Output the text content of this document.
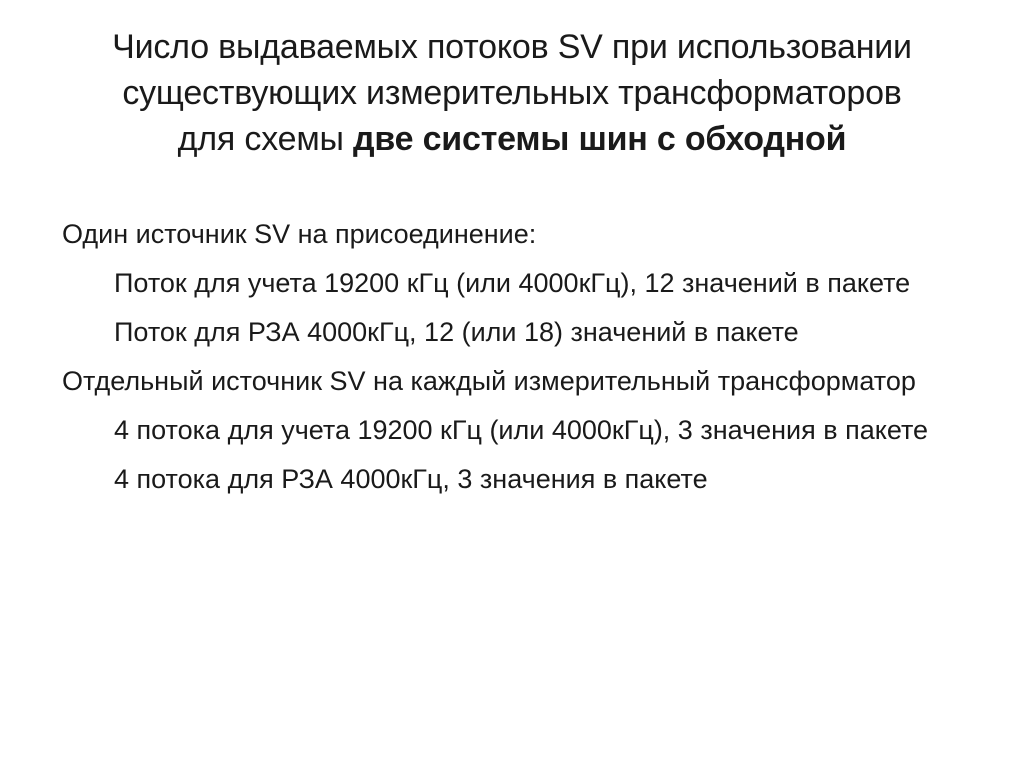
Число выдаваемых потоков SV при использовании
существующих измерительных трансформаторов
для схемы две системы шин с обходной
Один источник SV на присоединение:
Поток для учета 19200 кГц (или 4000кГц), 12 значений в пакете
Поток для РЗА 4000кГц, 12 (или 18) значений в пакете
Отдельный источник SV на каждый измерительный трансформатор
4 потока для учета 19200 кГц (или 4000кГц), 3 значения в пакете
4 потока для РЗА 4000кГц, 3 значения в пакете
